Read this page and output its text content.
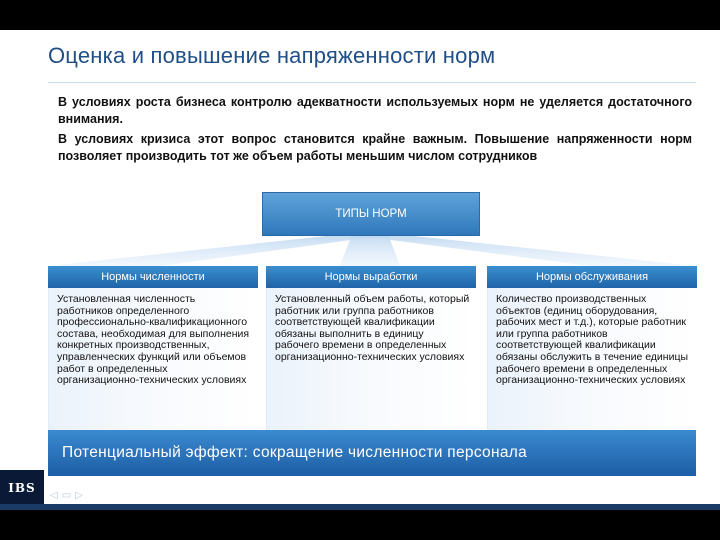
Оценка и повышение напряженности норм

В условиях роста бизнеса контролю адекватности используемых норм не уделяется достаточного внимания.

В условиях кризиса этот вопрос становится крайне важным. Повышение напряженности норм позволяет производить тот же объем работы меньшим числом сотрудников

ТИПЫ НОРМ
Нормы численности
Установленная численность работников определенного профессионально-квалификационного состава, необходимая для выполнения конкретных производственных, управленческих функций или объемов работ в определенных организационно-технических условиях
Нормы выработки
Установленный объем работы, который работник или группа работников соответствующей квалификации обязаны выполнить в единицу рабочего времени в определенных организационно-технических условиях
Нормы обслуживания
Количество производственных объектов (единиц оборудования, рабочих мест и т.д.), которые работник или группа работников соответствующей квалификации обязаны обслужить в течение единицы рабочего времени в определенных организационно-технических условиях
Потенциальный эффект: сокращение численности персонала
IBS
◁▭▷
